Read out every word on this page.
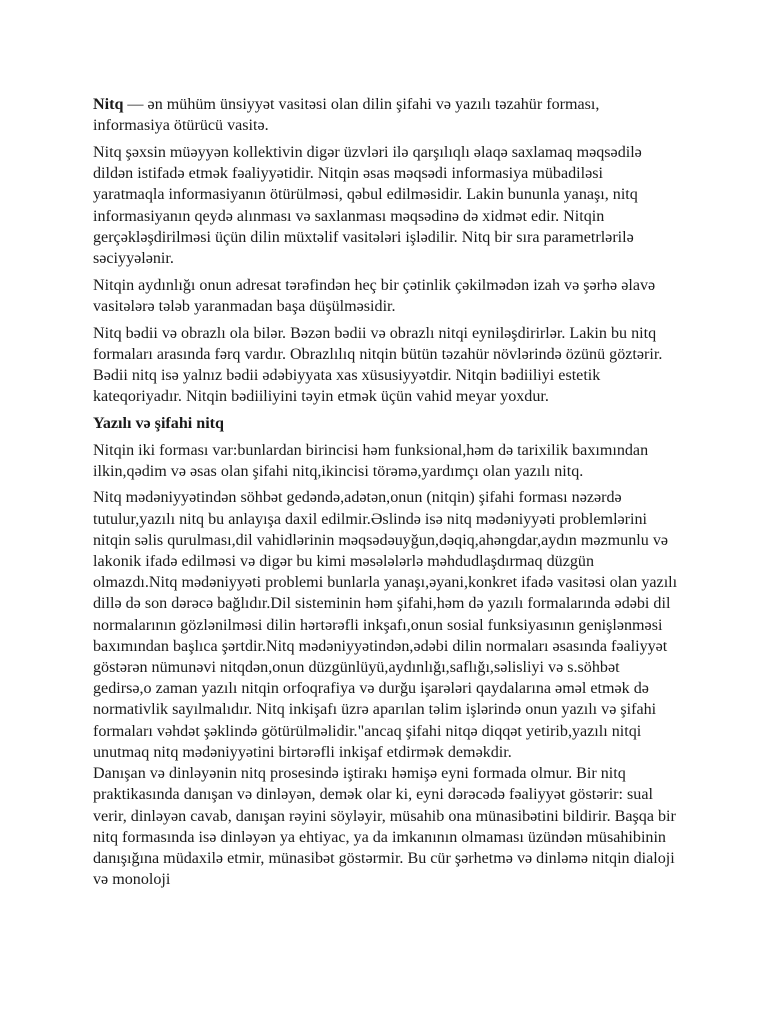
Nitq — ən mühüm ünsiyyət vasitəsi olan dilin şifahi və yazılı təzahür forması, informasiya ötürücü vasitə.

Nitq şəxsin müəyyən kollektivin digər üzvləri ilə qarşılıqlı əlaqə saxlamaq məqsədilə dildən istifadə etmək fəaliyyətidir. Nitqin əsas məqsədi informasiya mübadiləsi yaratmaqla informasiyanın ötürülməsi, qəbul edilməsidir. Lakin bununla yanaşı, nitq informasiyanın qeydə alınması və saxlanması məqsədinə də xidmət edir. Nitqin gerçəkləşdirilməsi üçün dilin müxtəlif vasitələri işlədilir. Nitq bir sıra parametrlərilə səciyyələnir.

Nitqin aydınlığı onun adresat tərəfindən heç bir çətinlik çəkilmədən izah və şərhə əlavə vasitələrə tələb yaranmadan başa düşülməsidir.

Nitq bədii və obrazlı ola bilər. Bəzən bədii və obrazlı nitqi eyniləşdirirlər. Lakin bu nitq formaları arasında fərq vardır. Obrazlılıq nitqin bütün təzahür növlərində özünü göztərir. Bədii nitq isə yalnız bədii ədəbiyyata xas xüsusiyyətdir. Nitqin bədiiliyi estetik kateqoriyadır. Nitqin bədiiliyini təyin etmək üçün vahid meyar yoxdur.

Yazılı və şifahi nitq

Nitqin iki forması var:bunlardan birincisi həm funksional,həm də tarixilik baxımından ilkin,qədim və əsas olan şifahi nitq,ikincisi törəmə,yardımçı olan yazılı nitq.

Nitq mədəniyyətindən söhbət gedəndə,adətən,onun (nitqin) şifahi forması nəzərdə tutulur,yazılı nitq bu anlayışa daxil edilmir.Əslində isə nitq mədəniyyəti problemlərini nitqin səlis qurulması,dil vahidlərinin məqsədəuyğun,dəqiq,ahəngdar,aydın məzmunlu və lakonik ifadə edilməsi və digər bu kimi məsələlərlə məhdudlaşdırmaq düzgün olmazdı.Nitq mədəniyyəti problemi bunlarla yanaşı,əyani,konkret ifadə vasitəsi olan yazılı dillə də son dərəcə bağlıdır.Dil sisteminin həm şifahi,həm də yazılı formalarında ədəbi dil normalarının gözlənilməsi dilin hərtərəfli inkşafı,onun sosial funksiyasının genişlənməsi baxımından başlıca şərtdir.Nitq mədəniyyətindən,ədəbi dilin normaları əsasında fəaliyyət göstərən nümunəvi nitqdən,onun düzgünlüyü,aydınlığı,saflığı,səlisliyi və s.söhbət gedirsə,o zaman yazılı nitqin orfoqrafiya və durğu işarələri qaydalarına əməl etmək də normativlik sayılmalıdır. Nitq inkişafı üzrə aparılan təlim işlərində onun yazılı və şifahi formaları vəhdət şəklində götürülməlidir."ancaq şifahi nitqə diqqət yetirib,yazılı nitqi unutmaq nitq mədəniyyətini birtərəfli inkişaf etdirmək deməkdir.

Danışan və dinləyənin nitq prosesində iştirakı həmişə eyni formada olmur. Bir nitq praktikasında danışan və dinləyən, demək olar ki, eyni dərəcədə fəaliyyət göstərir: sual verir, dinləyən cavab, danışan rəyini söyləyir, müsahib ona münasibətini bildirir. Başqa bir nitq formasında isə dinləyən ya ehtiyac, ya da imkanının olmaması üzündən müsahibinin danışığına müdaxilə etmir, münasibət göstərmir. Bu cür şərhetmə və dinləmə nitqin dialoji və monoloji
